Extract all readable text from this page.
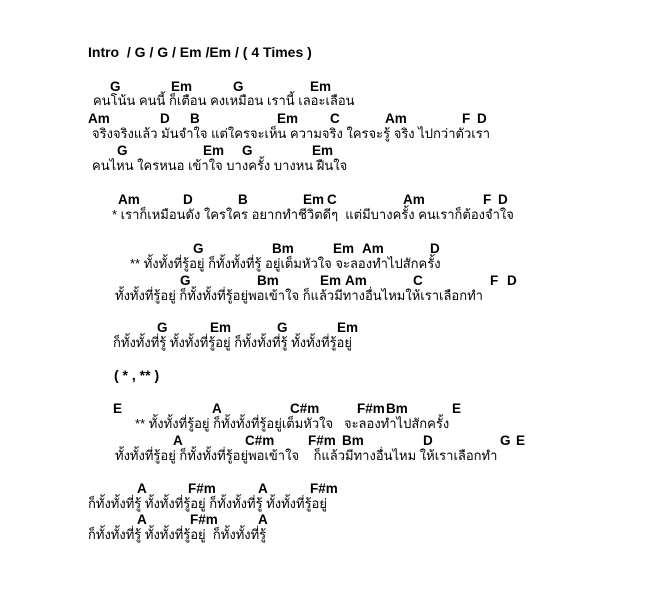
Intro  / G / G / Em /Em / ( 4 Times )
G	Em	G	Em
คนโน้น คนนี้ ก็เตือน คงเหมือน เรานี้ เลอะเลือน
Am	D B	Em C	Am	F D
จริงจริงแล้ว มันจำใจ แต่ใครจะเห็น ความจริง ใครจะรู้ จริง ไปกว่าตัวเรา
G	Em G	Em
คนไหน ใครหนอ เข้าใจ บางครั้ง บางหน ฝืนใจ
Am	D	B	Em C	Am	F D
* เราก็เหมือนดัง ใครใคร อยากทำชีวิตดีๆ  แต่มีบางครั้ง คนเราก็ต้องจำใจ
G	Bm	Em Am	D
** ทั้งทั้งที่รู้อยู่ ก็ทั้งทั้งที่รู้ อยู่เต็มหัวใจ จะลองทำไปสักครั้ง
G	Bm	Em Am	C	F D
ทั้งทั้งที่รู้อยู่ ก็ทั้งทั้งที่รู้อยู่พอเข้าใจ ก็แล้วมีทางอื่นไหมให้เราเลือกทำ
G	Em	G	Em
ก็ทั้งทั้งที่รู้ ทั้งทั้งที่รู้อยู่ ก็ทั้งทั้งที่รู้ ทั้งทั้งที่รู้อยู่
( * , ** )
E	A	C#m	F#m Bm	E
** ทั้งทั้งที่รู้อยู่ ก็ทั้งทั้งที่รู้อยู่เต็มหัวใจ   จะลองทำไปสักครั้ง
A	C#m F#m Bm	D	G E
ทั้งทั้งที่รู้อยู่ ก็ทั้งทั้งที่รู้อยู่พอเข้าใจ    ก็แล้วมีทางอื่นไหม ให้เราเลือกทำ
A	F#m	A	F#m
ก็ทั้งทั้งที่รู้ ทั้งทั้งที่รู้อยู่ ก็ทั้งทั้งที่รู้ ทั้งทั้งที่รู้อยู่
A	F#m	A
ก็ทั้งทั้งที่รู้ ทั้งทั้งที่รู้อยู่  ก็ทั้งทั้งที่รู้
